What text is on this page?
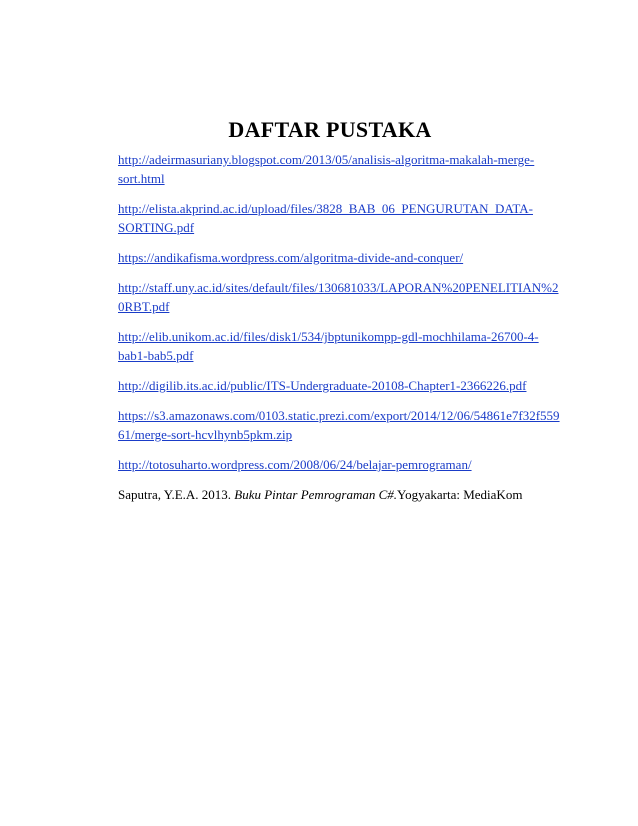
DAFTAR PUSTAKA
http://adeirmasuriany.blogspot.com/2013/05/analisis-algoritma-makalah-merge-
sort.html
http://elista.akprind.ac.id/upload/files/3828_BAB_06_PENGURUTAN_DATA-
SORTING.pdf
https://andikafisma.wordpress.com/algoritma-divide-and-conquer/
http://staff.uny.ac.id/sites/default/files/130681033/LAPORAN%20PENELITIAN%2
0RBT.pdf
http://elib.unikom.ac.id/files/disk1/534/jbptunikompp-gdl-mochhilama-26700-4-
bab1-bab5.pdf
http://digilib.its.ac.id/public/ITS-Undergraduate-20108-Chapter1-2366226.pdf
https://s3.amazonaws.com/0103.static.prezi.com/export/2014/12/06/54861e7f32f559
61/merge-sort-hcvlhynb5pkm.zip
http://totosuharto.wordpress.com/2008/06/24/belajar-pemrograman/
Saputra, Y.E.A. 2013. Buku Pintar Pemrograman C#.Yogyakarta: MediaKom
